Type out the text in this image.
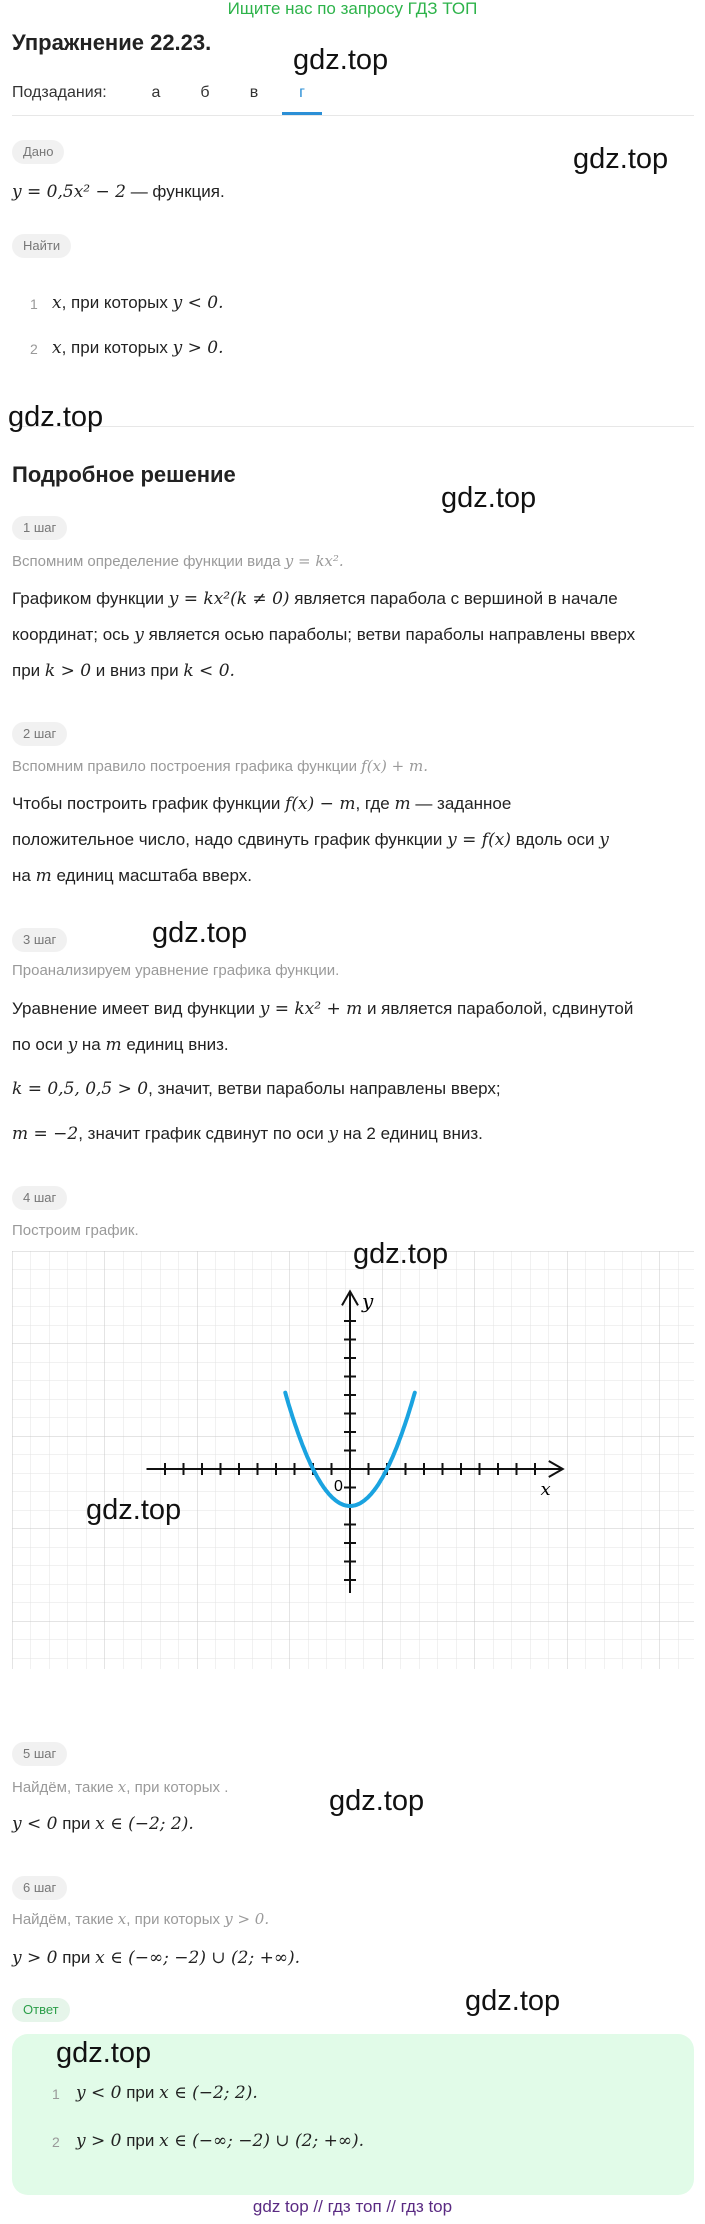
Ищите нас по запросу ГДЗ ТОП
Упражнение 22.23.
Подзадания:	а	б	в	г
Дано
y = 0,5x² − 2 — функция.
Найти
1 x, при которых y < 0.
2 x, при которых y > 0.
Подробное решение
1 шаг
Вспомним определение функции вида y = kx².
Графиком функции y = kx²(k ≠ 0) является парабола с вершиной в начале
координат; ось y является осью параболы; ветви параболы направлены вверх
при k > 0 и вниз при k < 0.
2 шаг
Вспомним правило построения графика функции f(x) + m.
Чтобы построить график функции f(x) − m, где m — заданное
положительное число, надо сдвинуть график функции y = f(x) вдоль оси y
на m единиц масштаба вверх.
3 шаг
Проанализируем уравнение графика функции.
Уравнение имеет вид функции y = kx² + m и является параболой, сдвинутой
по оси y на m единиц вниз.
k = 0,5, 0,5 > 0, значит, ветви параболы направлены вверх;
m = −2, значит график сдвинут по оси y на 2 единиц вниз.
4 шаг
Построим график.
x
y
0
5 шаг
Найдём, такие x, при которых .
y < 0 при x ∈ (−2; 2).
6 шаг
Найдём, такие x, при которых y > 0.
y > 0 при x ∈ (−∞; −2) ∪ (2; +∞).
Ответ
1 y < 0 при x ∈ (−2; 2).
2 y > 0 при x ∈ (−∞; −2) ∪ (2; +∞).
gdz top // гдз топ // гдз top
gdz.top
gdz.top
gdz.top
gdz.top
gdz.top
gdz.top
gdz.top
gdz.top
gdz.top
gdz.top
